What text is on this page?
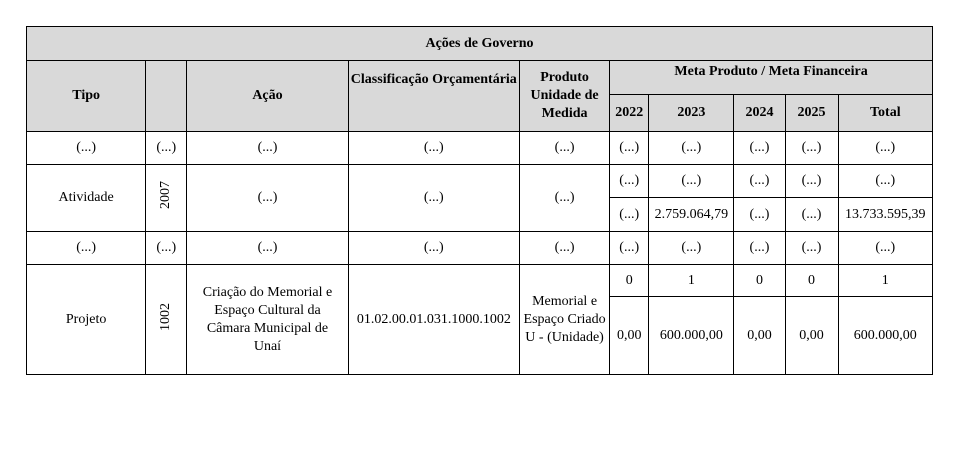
Ações de Governo									
Tipo		Ação	Classificação Orçamentária	Produto Unidade de Medida	Meta Produto / Meta Financeira				
					2022	2023	2024	2025	Total
(...)	(...)	(...)	(...)	(...)	(...)	(...)	(...)	(...)	(...)
Atividade	2007	(...)	(...)	(...)	(...)	(...)	(...)	(...)	(...)
					(...)	2.759.064,79	(...)	(...)	13.733.595,39
(...)	(...)	(...)	(...)	(...)	(...)	(...)	(...)	(...)	(...)
Projeto	1002	Criação do Memorial e Espaço Cultural da Câmara Municipal de Unaí	01.02.00.01.031.1000.1002	Memorial e Espaço Criado U - (Unidade)	0	1	0	0	1
					0,00	600.000,00	0,00	0,00	600.000,00
